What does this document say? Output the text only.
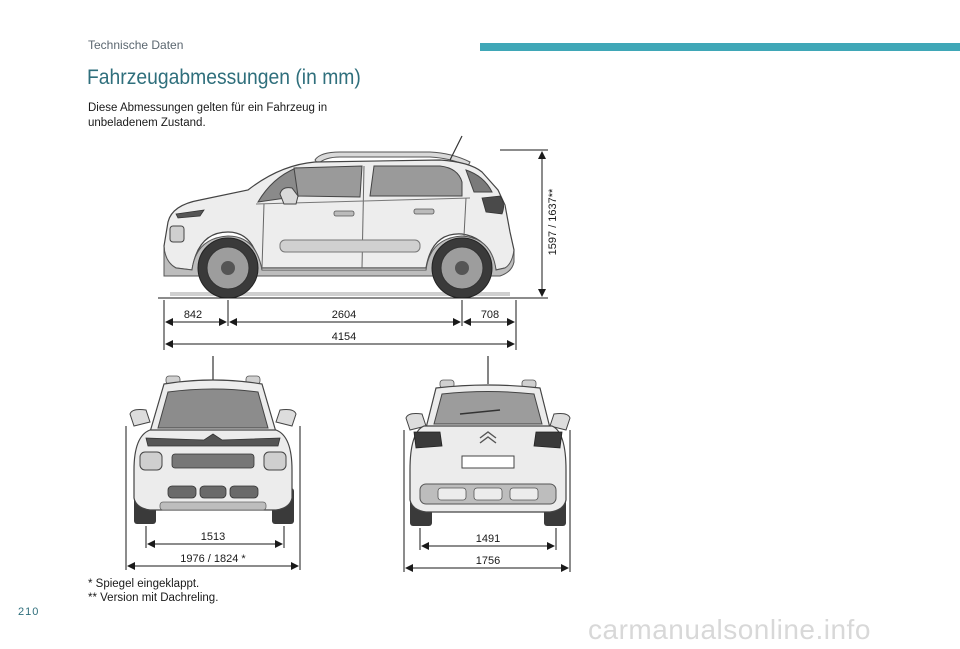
Technische Daten
Fahrzeugabmessungen (in mm)
Diese Abmessungen gelten für ein Fahrzeug in unbeladenem Zustand.
842	2604	708
4154
1597 / 1637**
1513
1976 / 1824 *
1491
1756
* Spiegel eingeklappt.
** Version mit Dachreling.
210
carmanualsonline.info
